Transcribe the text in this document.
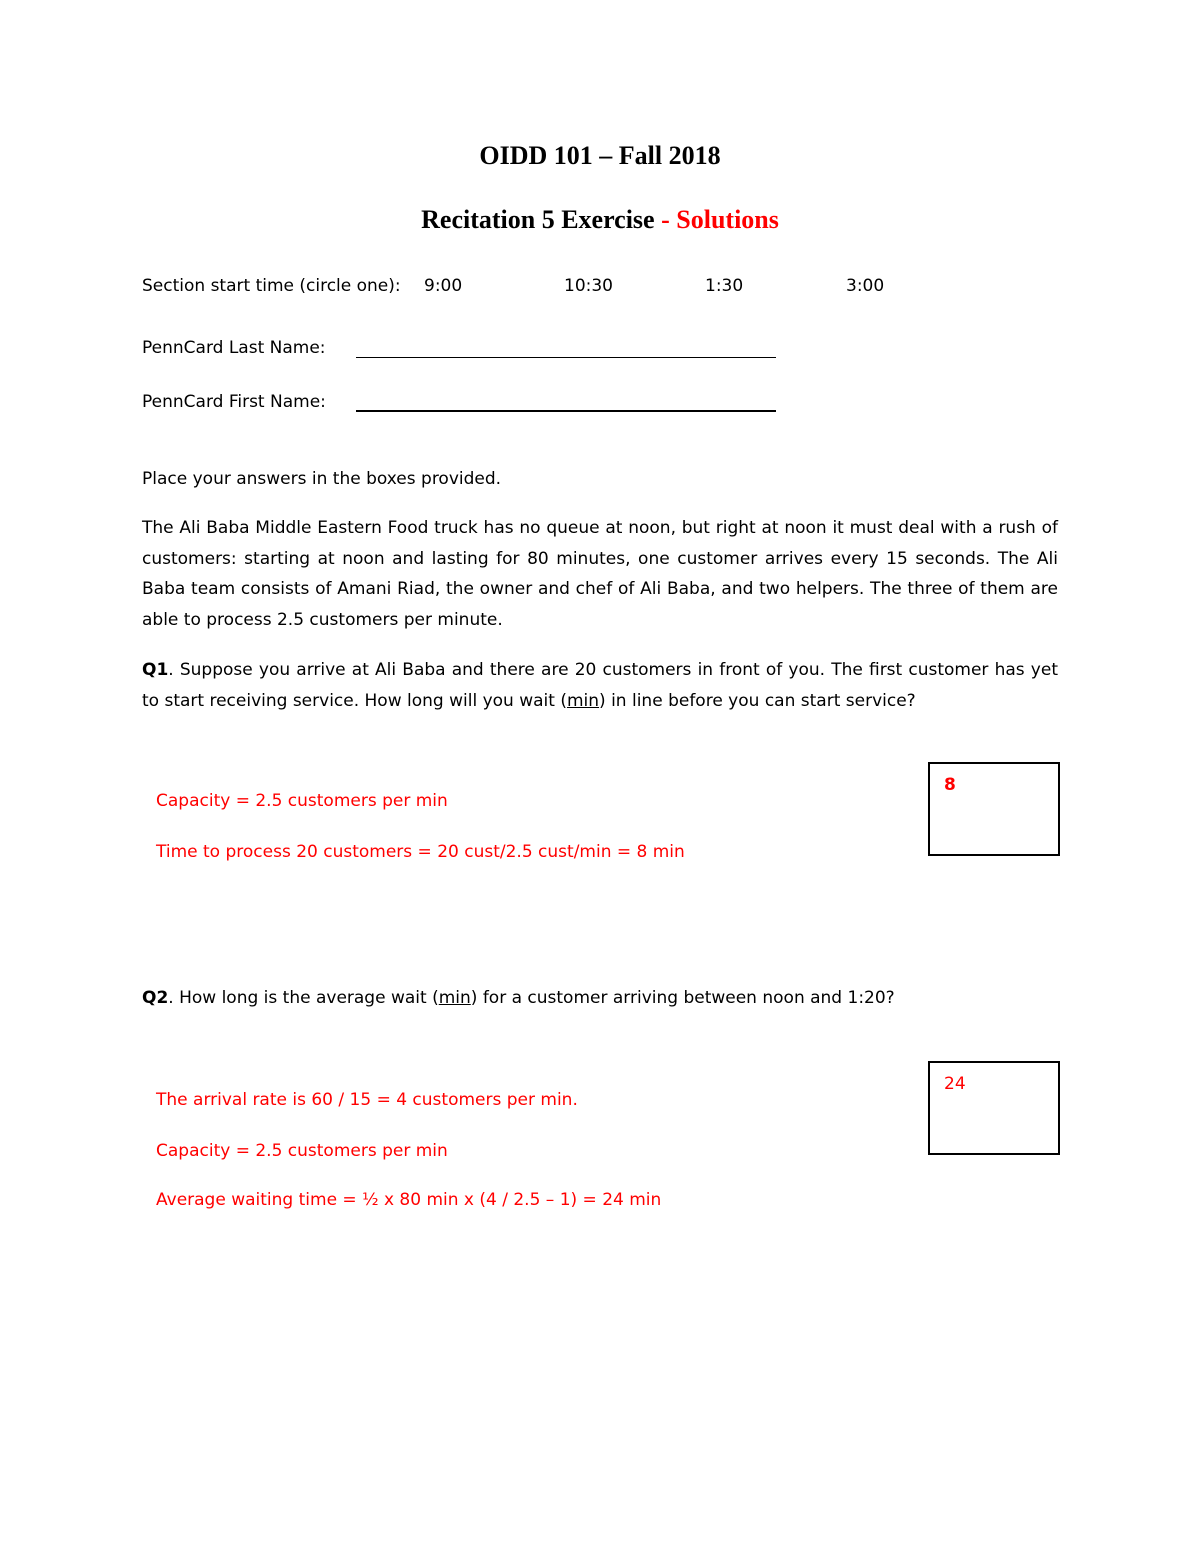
OIDD 101 – Fall 2018
Recitation 5 Exercise - Solutions
Section start time (circle one): 9:00	10:30	1:30	3:00
PennCard Last Name:
PennCard First Name:
Place your answers in the boxes provided.
The Ali Baba Middle Eastern Food truck has no queue at noon, but right at noon it must deal with a rush of customers: starting at noon and lasting for 80 minutes, one customer arrives every 15 seconds. The Ali Baba team consists of Amani Riad, the owner and chef of Ali Baba, and two helpers. The three of them are able to process 2.5 customers per minute.
Q1. Suppose you arrive at Ali Baba and there are 20 customers in front of you. The first customer has yet to start receiving service. How long will you wait (min) in line before you can start service?
Capacity = 2.5 customers per min
Time to process 20 customers = 20 cust/2.5 cust/min = 8 min
8
Q2. How long is the average wait (min) for a customer arriving between noon and 1:20?
The arrival rate is 60 / 15 = 4 customers per min.
Capacity = 2.5 customers per min
Average waiting time = ½ x 80 min x (4 / 2.5 – 1) = 24 min
24
